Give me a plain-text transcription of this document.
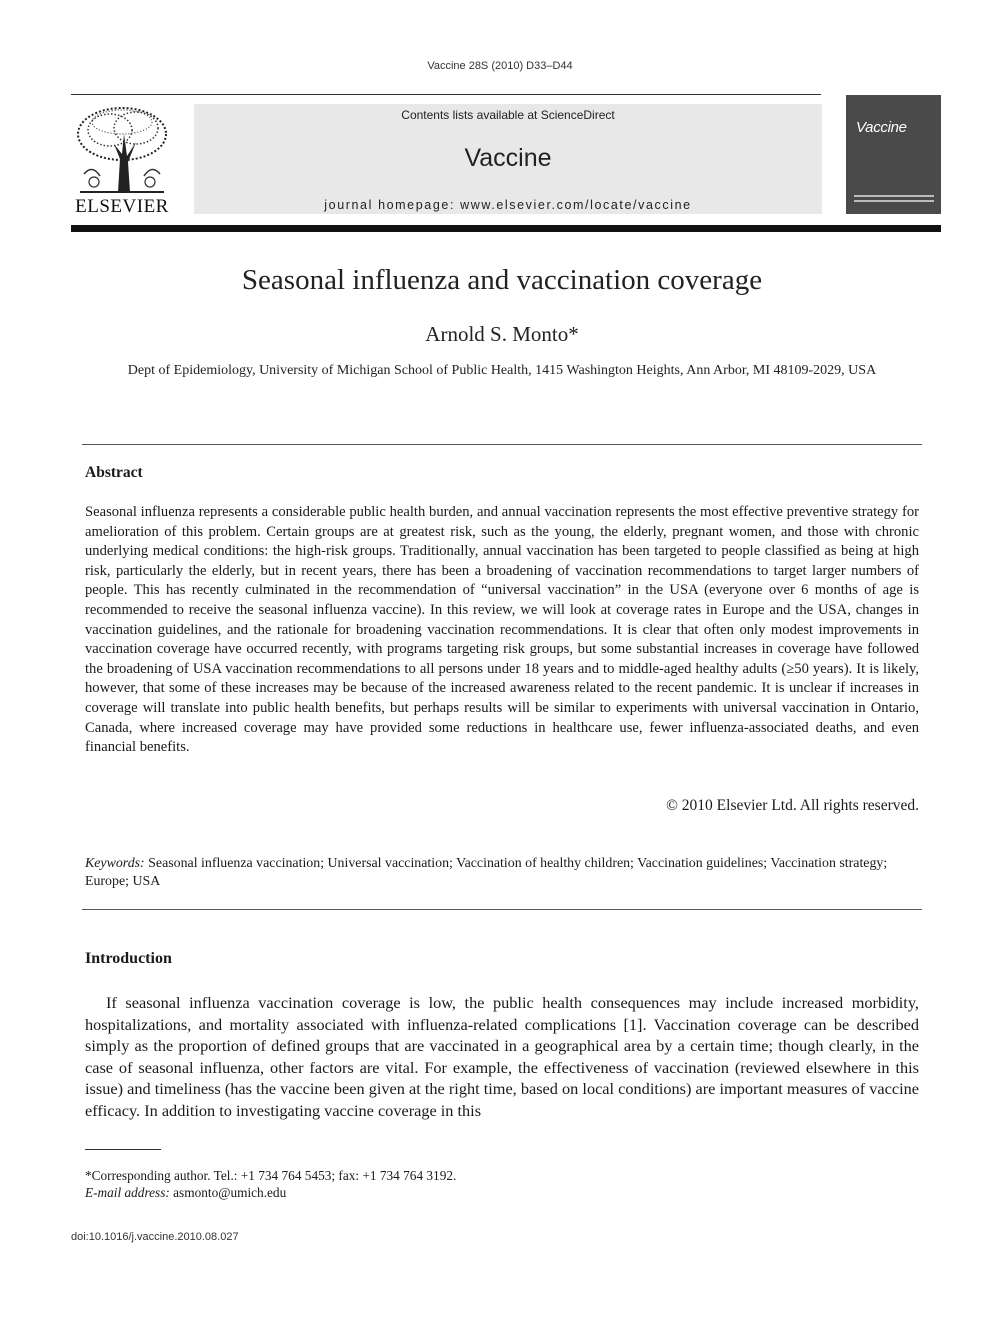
Vaccine 28S (2010) D33–D44
ELSEVIER
Contents lists available at ScienceDirect
Vaccine
journal homepage: www.elsevier.com/locate/vaccine
Vaccine
Seasonal influenza and vaccination coverage
Arnold S. Monto*
Dept of Epidemiology, University of Michigan School of Public Health, 1415 Washington Heights, Ann Arbor, MI 48109-2029, USA
Abstract
Seasonal influenza represents a considerable public health burden, and annual vaccination represents the most effective preventive strategy for amelioration of this problem. Certain groups are at greatest risk, such as the young, the elderly, pregnant women, and those with chronic underlying medical conditions: the high-risk groups. Traditionally, annual vaccination has been targeted to people classified as being at high risk, particularly the elderly, but in recent years, there has been a broadening of vaccination recommendations to target larger numbers of people. This has recently culminated in the recommendation of “universal vaccination” in the USA (everyone over 6 months of age is recommended to receive the seasonal influenza vaccine). In this review, we will look at coverage rates in Europe and the USA, changes in vaccination guidelines, and the rationale for broadening vaccination recommendations. It is clear that often only modest improvements in vaccination coverage have occurred recently, with programs targeting risk groups, but some substantial increases in coverage have followed the broadening of USA vaccination recommendations to all persons under 18 years and to middle-aged healthy adults (≥50 years). It is likely, however, that some of these increases may be because of the increased awareness related to the recent pandemic. It is unclear if increases in coverage will translate into public health benefits, but perhaps results will be similar to experiments with universal vaccination in Ontario, Canada, where increased coverage may have provided some reductions in healthcare use, fewer influenza-associated deaths, and even financial benefits.
© 2010 Elsevier Ltd. All rights reserved.
Keywords: Seasonal influenza vaccination; Universal vaccination; Vaccination of healthy children; Vaccination guidelines; Vaccination strategy; Europe; USA
Introduction
If seasonal influenza vaccination coverage is low, the public health consequences may include increased morbidity, hospitalizations, and mortality associated with influenza-related complications [1]. Vaccination coverage can be described simply as the proportion of defined groups that are vaccinated in a geographical area by a certain time; though clearly, in the case of seasonal influenza, other factors are vital. For example, the effectiveness of vaccination (reviewed elsewhere in this issue) and timeliness (has the vaccine been given at the right time, based on local conditions) are important measures of vaccine efficacy. In addition to investigating vaccine coverage in this
*Corresponding author. Tel.: +1 734 764 5453; fax: +1 734 764 3192.
E-mail address: asmonto@umich.edu
doi:10.1016/j.vaccine.2010.08.027
